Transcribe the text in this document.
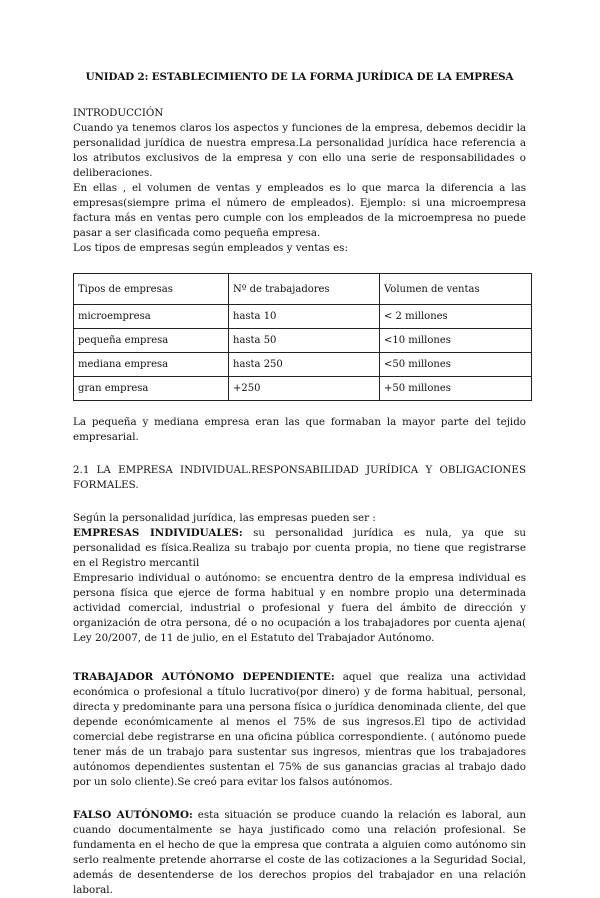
UNIDAD 2: ESTABLECIMIENTO DE LA FORMA JURÍDICA DE LA EMPRESA

INTRODUCCIÓN

Cuando ya tenemos claros los aspectos y funciones de la empresa, debemos decidir la personalidad jurídica de nuestra empresa.La personalidad jurídica hace referencia a los atributos exclusivos de la empresa y con ello una serie de responsabilidades o deliberaciones.

En ellas , el volumen de ventas y empleados es lo que marca la diferencia a las empresas(siempre prima el número de empleados). Ejemplo: si una microempresa factura más en ventas pero cumple con los empleados de la microempresa no puede pasar a ser clasificada como pequeña empresa.

Los tipos de empresas según empleados y ventas es:

Tipos de empresas	Nº de trabajadores	Volumen de ventas
microempresa	hasta 10	< 2 millones
pequeña empresa	hasta 50	<10 millones
mediana empresa	hasta 250	<50 millones
gran empresa	+250	+50 millones

La pequeña y mediana empresa eran las que formaban la mayor parte del tejido empresarial.

2.1 LA EMPRESA INDIVIDUAL.RESPONSABILIDAD JURÍDICA Y OBLIGACIONES FORMALES.

Según la personalidad jurídica, las empresas pueden ser :

EMPRESAS INDIVIDUALES: su personalidad jurídica es nula, ya que su personalidad es física.Realiza su trabajo por cuenta propia, no tiene que registrarse en el Registro mercantil

Empresario individual o autónomo: se encuentra dentro de la empresa individual es persona física que ejerce de forma habitual y en nombre propio una determinada actividad comercial, industrial o profesional y fuera del ámbito de dirección y organización de otra persona, dé o no ocupación a los trabajadores por cuenta ajena( Ley 20/2007, de 11 de julio, en el Estatuto del Trabajador Autónomo.

TRABAJADOR AUTÓNOMO DEPENDIENTE: aquel que realiza una actividad económica o profesional a título lucrativo(por dinero) y de forma habitual, personal, directa y predominante para una persona física o jurídica denominada cliente, del que depende económicamente al menos el 75% de sus ingresos.El tipo de actividad comercial debe registrarse en una oficina pública correspondiente. ( autónomo puede tener más de un trabajo para sustentar sus ingresos, mientras que los trabajadores autónomos dependientes sustentan el 75% de sus ganancias gracias al trabajo dado por un solo cliente).Se creó para evitar los falsos autónomos.

FALSO AUTÓNOMO: esta situación se produce cuando la relación es laboral, aun cuando documentalmente se haya justificado como una relación profesional. Se fundamenta en el hecho de que la empresa que contrata a alguien como autónomo sin serlo realmente pretende ahorrarse el coste de las cotizaciones a la Seguridad Social, además de desentenderse de los derechos propios del trabajador en una relación laboral.
